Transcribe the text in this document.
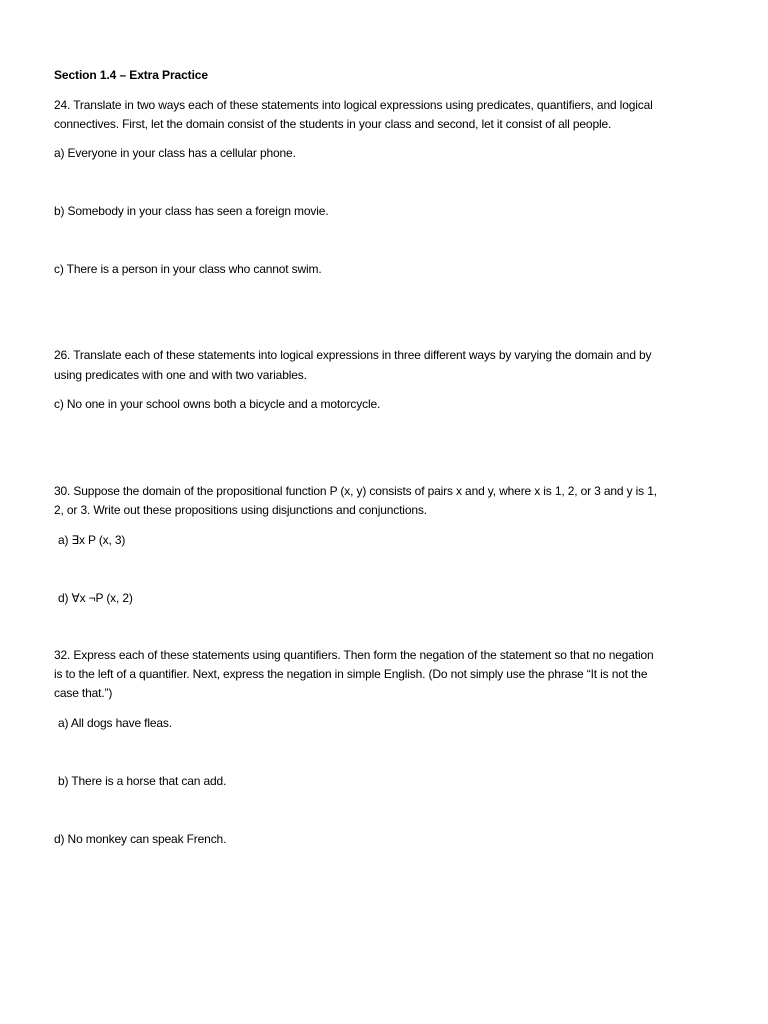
Section 1.4 – Extra Practice
24. Translate in two ways each of these statements into logical expressions using predicates, quantifiers, and logical
connectives. First, let the domain consist of the students in your class and second, let it consist of all people.
a) Everyone in your class has a cellular phone.
b) Somebody in your class has seen a foreign movie.
c) There is a person in your class who cannot swim.
26. Translate each of these statements into logical expressions in three different ways by varying the domain and by
using predicates with one and with two variables.
c) No one in your school owns both a bicycle and a motorcycle.
30. Suppose the domain of the propositional function P (x, y) consists of pairs x and y, where x is 1, 2, or 3 and y is 1,
2, or 3. Write out these propositions using disjunctions and conjunctions.
a) ∃x P (x, 3)
d) ∀x ¬P (x, 2)
32. Express each of these statements using quantifiers. Then form the negation of the statement so that no negation
is to the left of a quantifier. Next, express the negation in simple English. (Do not simply use the phrase “It is not the
case that.”)
a) All dogs have fleas.
b) There is a horse that can add.
d) No monkey can speak French.
